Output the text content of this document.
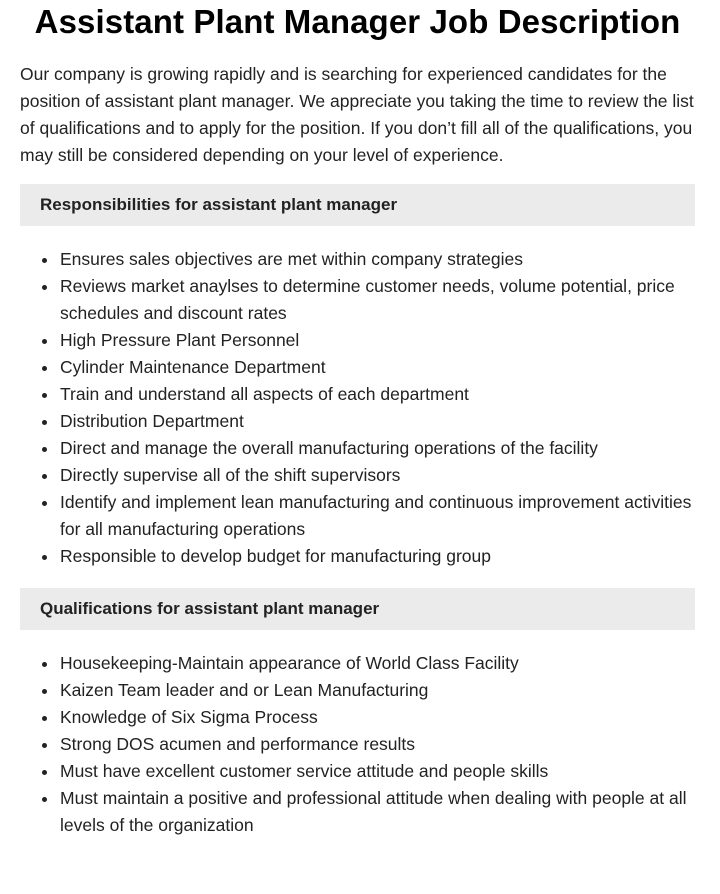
Assistant Plant Manager Job Description

Our company is growing rapidly and is searching for experienced candidates for the position of assistant plant manager. We appreciate you taking the time to review the list of qualifications and to apply for the position. If you don’t fill all of the qualifications, you may still be considered depending on your level of experience.

Responsibilities for assistant plant manager
Ensures sales objectives are met within company strategies
Reviews market anaylses to determine customer needs, volume potential, price schedules and discount rates
High Pressure Plant Personnel
Cylinder Maintenance Department
Train and understand all aspects of each department
Distribution Department
Direct and manage the overall manufacturing operations of the facility
Directly supervise all of the shift supervisors
Identify and implement lean manufacturing and continuous improvement activities for all manufacturing operations
Responsible to develop budget for manufacturing group
Qualifications for assistant plant manager
Housekeeping-Maintain appearance of World Class Facility
Kaizen Team leader and or Lean Manufacturing
Knowledge of Six Sigma Process
Strong DOS acumen and performance results
Must have excellent customer service attitude and people skills
Must maintain a positive and professional attitude when dealing with people at all levels of the organization
